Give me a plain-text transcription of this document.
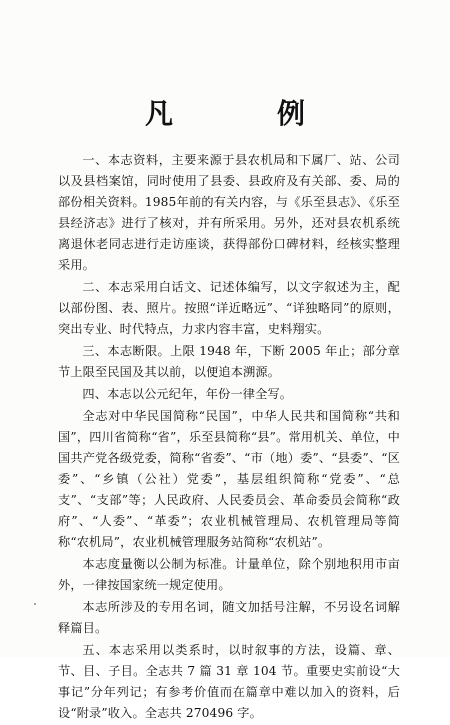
凡　例

一、本志资料，主要来源于县农机局和下属厂、站、公司以及县档案馆，同时使用了县委、县政府及有关部、委、局的部份相关资料。1985年前的有关内容，与《乐至县志》、《乐至县经济志》进行了核对，并有所采用。另外，还对县农机系统离退休老同志进行走访座谈，获得部份口碑材料，经核实整理采用。

二、本志采用白话文、记述体编写，以文字叙述为主，配以部份图、表、照片。按照“详近略远”、“详独略同”的原则，突出专业、时代特点，力求内容丰富，史料翔实。

三、本志断限。上限 1948 年，下断 2005 年止；部分章节上限至民国及其以前，以便追本溯源。

四、本志以公元纪年，年份一律全写。

全志对中华民国简称“民国”，中华人民共和国简称“共和国”，四川省简称“省”，乐至县简称“县”。常用机关、单位，中国共产党各级党委，简称“省委”、“市（地）委”、“县委”、“区委”、“乡镇（公社）党委”，基层组织简称“党委”、“总支”、“支部”等；人民政府、人民委员会、革命委员会简称“政府”、“人委”、“革委”；农业机械管理局、农机管理局等简称“农机局”，农业机械管理服务站简称“农机站”。

本志度量衡以公制为标准。计量单位，除个别地积用市亩外，一律按国家统一规定使用。

本志所涉及的专用名词，随文加括号注解，不另设名词解释篇目。

五、本志采用以类系时，以时叙事的方法，设篇、章、节、目、子目。全志共 7 篇 31 章 104 节。重要史实前设“大事记”分年列记；有参考价值而在篇章中难以加入的资料，后设“附录”收入。全志共 270496 字。
